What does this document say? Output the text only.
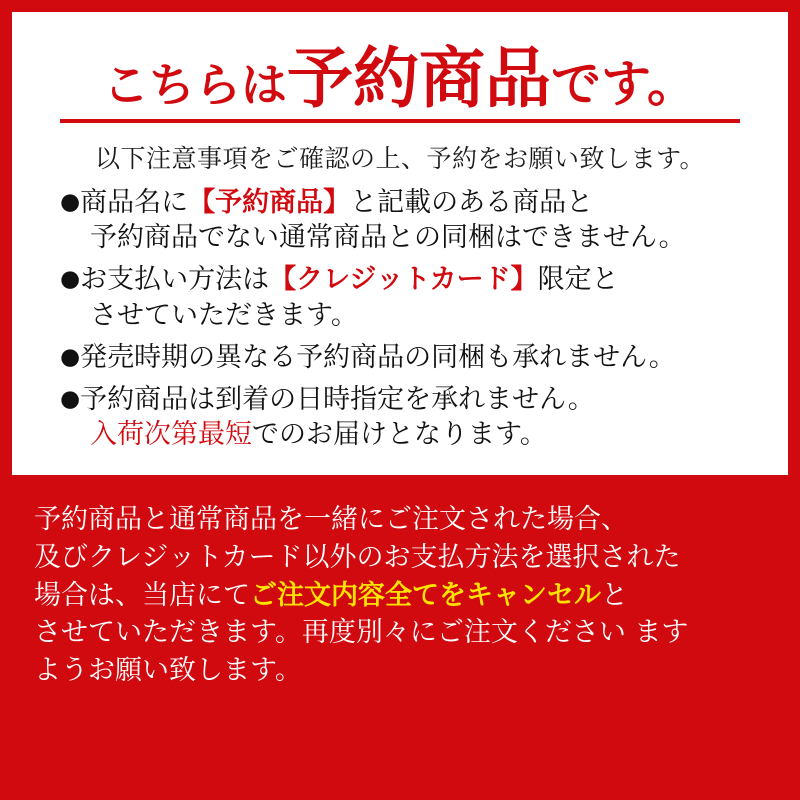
こちらは予約商品です。
以下注意事項をご確認の上、予約をお願い致します。
●商品名に【予約商品】と記載のある商品と
予約商品でない通常商品との同梱はできません。
●お支払い方法は【クレジットカード】限定と
させていただきます。
●発売時期の異なる予約商品の同梱も承れません。
●予約商品は到着の日時指定を承れません。
入荷次第最短でのお届けとなります。
予約商品と通常商品を一緒にご注文された場合、
及びクレジットカード以外のお支払方法を選択された
場合は、当店にてご注文内容全てをキャンセルと
させていただきます。再度別々にご注文ください ます
ようお願い致します。
